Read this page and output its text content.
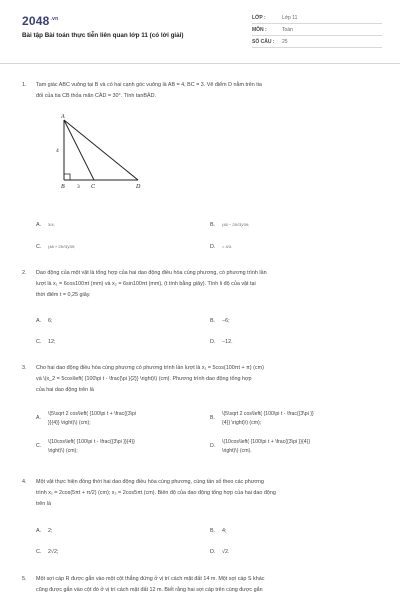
$2048^{.vn}$
Bài tập Bài toán thực tiễn liên quan lớp 11 (có lời giải)
LỚP :	Lớp 11
MÔN :	Toán
SỐ CÂU :	25
1.	Tam giác ABC vuông tại B và có hai cạnh góc vuông là AB = 4, BC = 3. Vẽ điểm D nằm trên tia
đối của tia CB thỏa mãn CÂD = 30°. Tính tanBÂD.
A
B	C	D
4
3
A. 3/4;	B. (48 − 25√3)/39;
C. (48 + 25√3)/39;	D. = 4/3.
2.	Dao động của một vật là tổng hợp của hai dao động điều hòa cùng phương, có phương trình lần
lượt là x₁ = 6cos100πt (mm) và x₂ = 6sin100πt (mm), (t tính bằng giây). Tính li độ của vật tại
thời điểm t = 0,25 giây.
A. 6;	B. −6;
C. 12;	D. −12.
3.	Cho hai dao động điều hòa cùng phương có phương trình lần lượt là x₁ = 5cos(100πt + π) (cm)
và \(x_2 = 5cos\left( {100\pi t - \frac{\pi }{2}} \right)\) (cm). Phương trình dao động tổng hợp
của hai dao động trên là
A.
\(5\sqrt 2 cos\left( {100\pi t + \frac{{3\pi
}}{4}} \right)\) (cm);
B.
\(5\sqrt 2 cos\left( {100\pi t - \frac{{3\pi }}
{4}} \right)\) (cm);
C.
\(10cos\left( {100\pi t - \frac{{3\pi }}{4}}
\right)\) (cm);
D.
\(10cos\left( {100\pi t + \frac{{3\pi }}{4}}
\right)\) (cm).
4.	Một vật thực hiện đồng thời hai dao động điều hòa cùng phương, cùng tần số theo các phương
trình x₁ = 2cos(5πt + π/2) (cm); x₂ = 2cos5πt (cm). Biên độ của dao động tổng hợp của hai dao động
trên là
A. 2;	B. 4;
C. 2√2;	D. √2.
5.	Một sợi cáp R được gắn vào một cột thẳng đứng ở vị trí cách mặt đất 14 m. Một sợi cáp S khác
cũng được gắn vào cột đó ở vị trí cách mặt đất 12 m. Biết rằng hai sợi cáp trên cùng được gắn
